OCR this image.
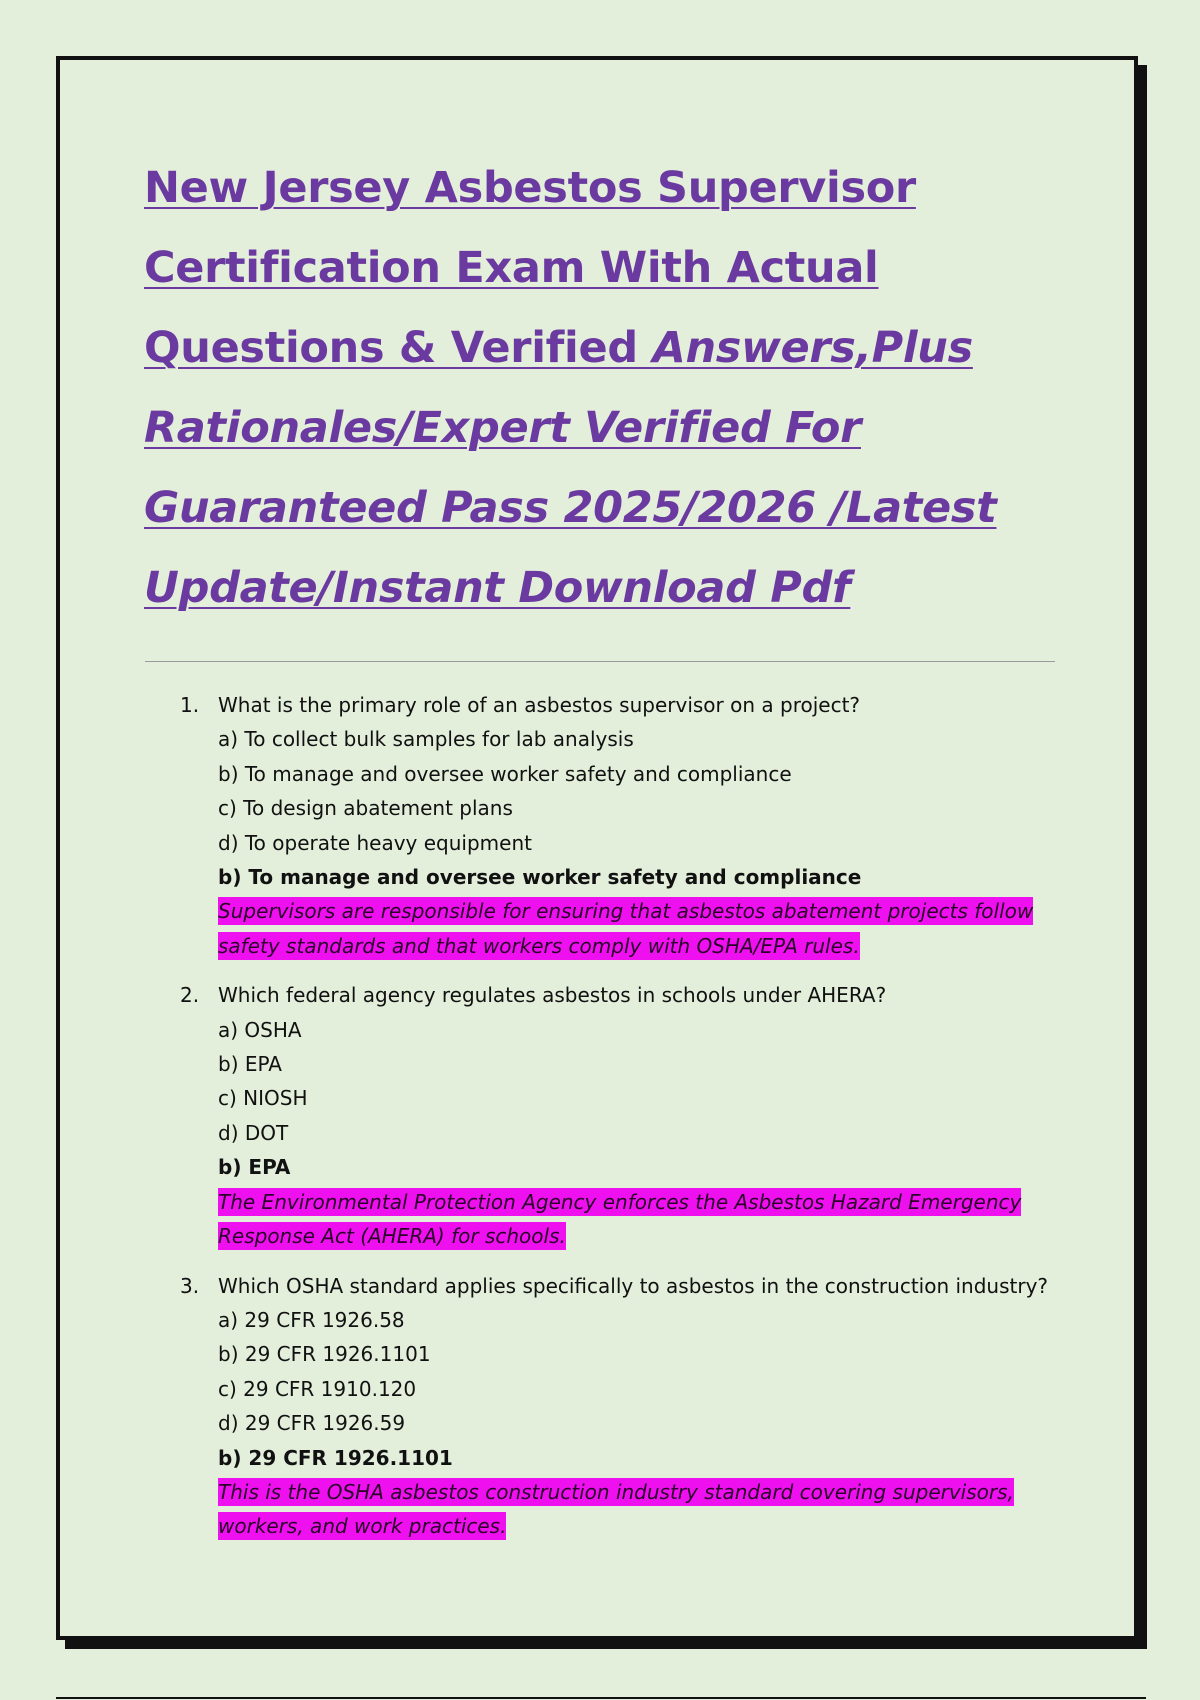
New Jersey Asbestos Supervisor Certification Exam With Actual Questions & Verified Answers,Plus Rationales/Expert Verified For Guaranteed Pass 2025/2026 /Latest Update/Instant Download Pdf
1. What is the primary role of an asbestos supervisor on a project?
a) To collect bulk samples for lab analysis
b) To manage and oversee worker safety and compliance
c) To design abatement plans
d) To operate heavy equipment
b) To manage and oversee worker safety and compliance
Supervisors are responsible for ensuring that asbestos abatement projects follow safety standards and that workers comply with OSHA/EPA rules.
2. Which federal agency regulates asbestos in schools under AHERA?
a) OSHA
b) EPA
c) NIOSH
d) DOT
b) EPA
The Environmental Protection Agency enforces the Asbestos Hazard Emergency Response Act (AHERA) for schools.
3. Which OSHA standard applies specifically to asbestos in the construction industry?
a) 29 CFR 1926.58
b) 29 CFR 1926.1101
c) 29 CFR 1910.120
d) 29 CFR 1926.59
b) 29 CFR 1926.1101
This is the OSHA asbestos construction industry standard covering supervisors, workers, and work practices.
